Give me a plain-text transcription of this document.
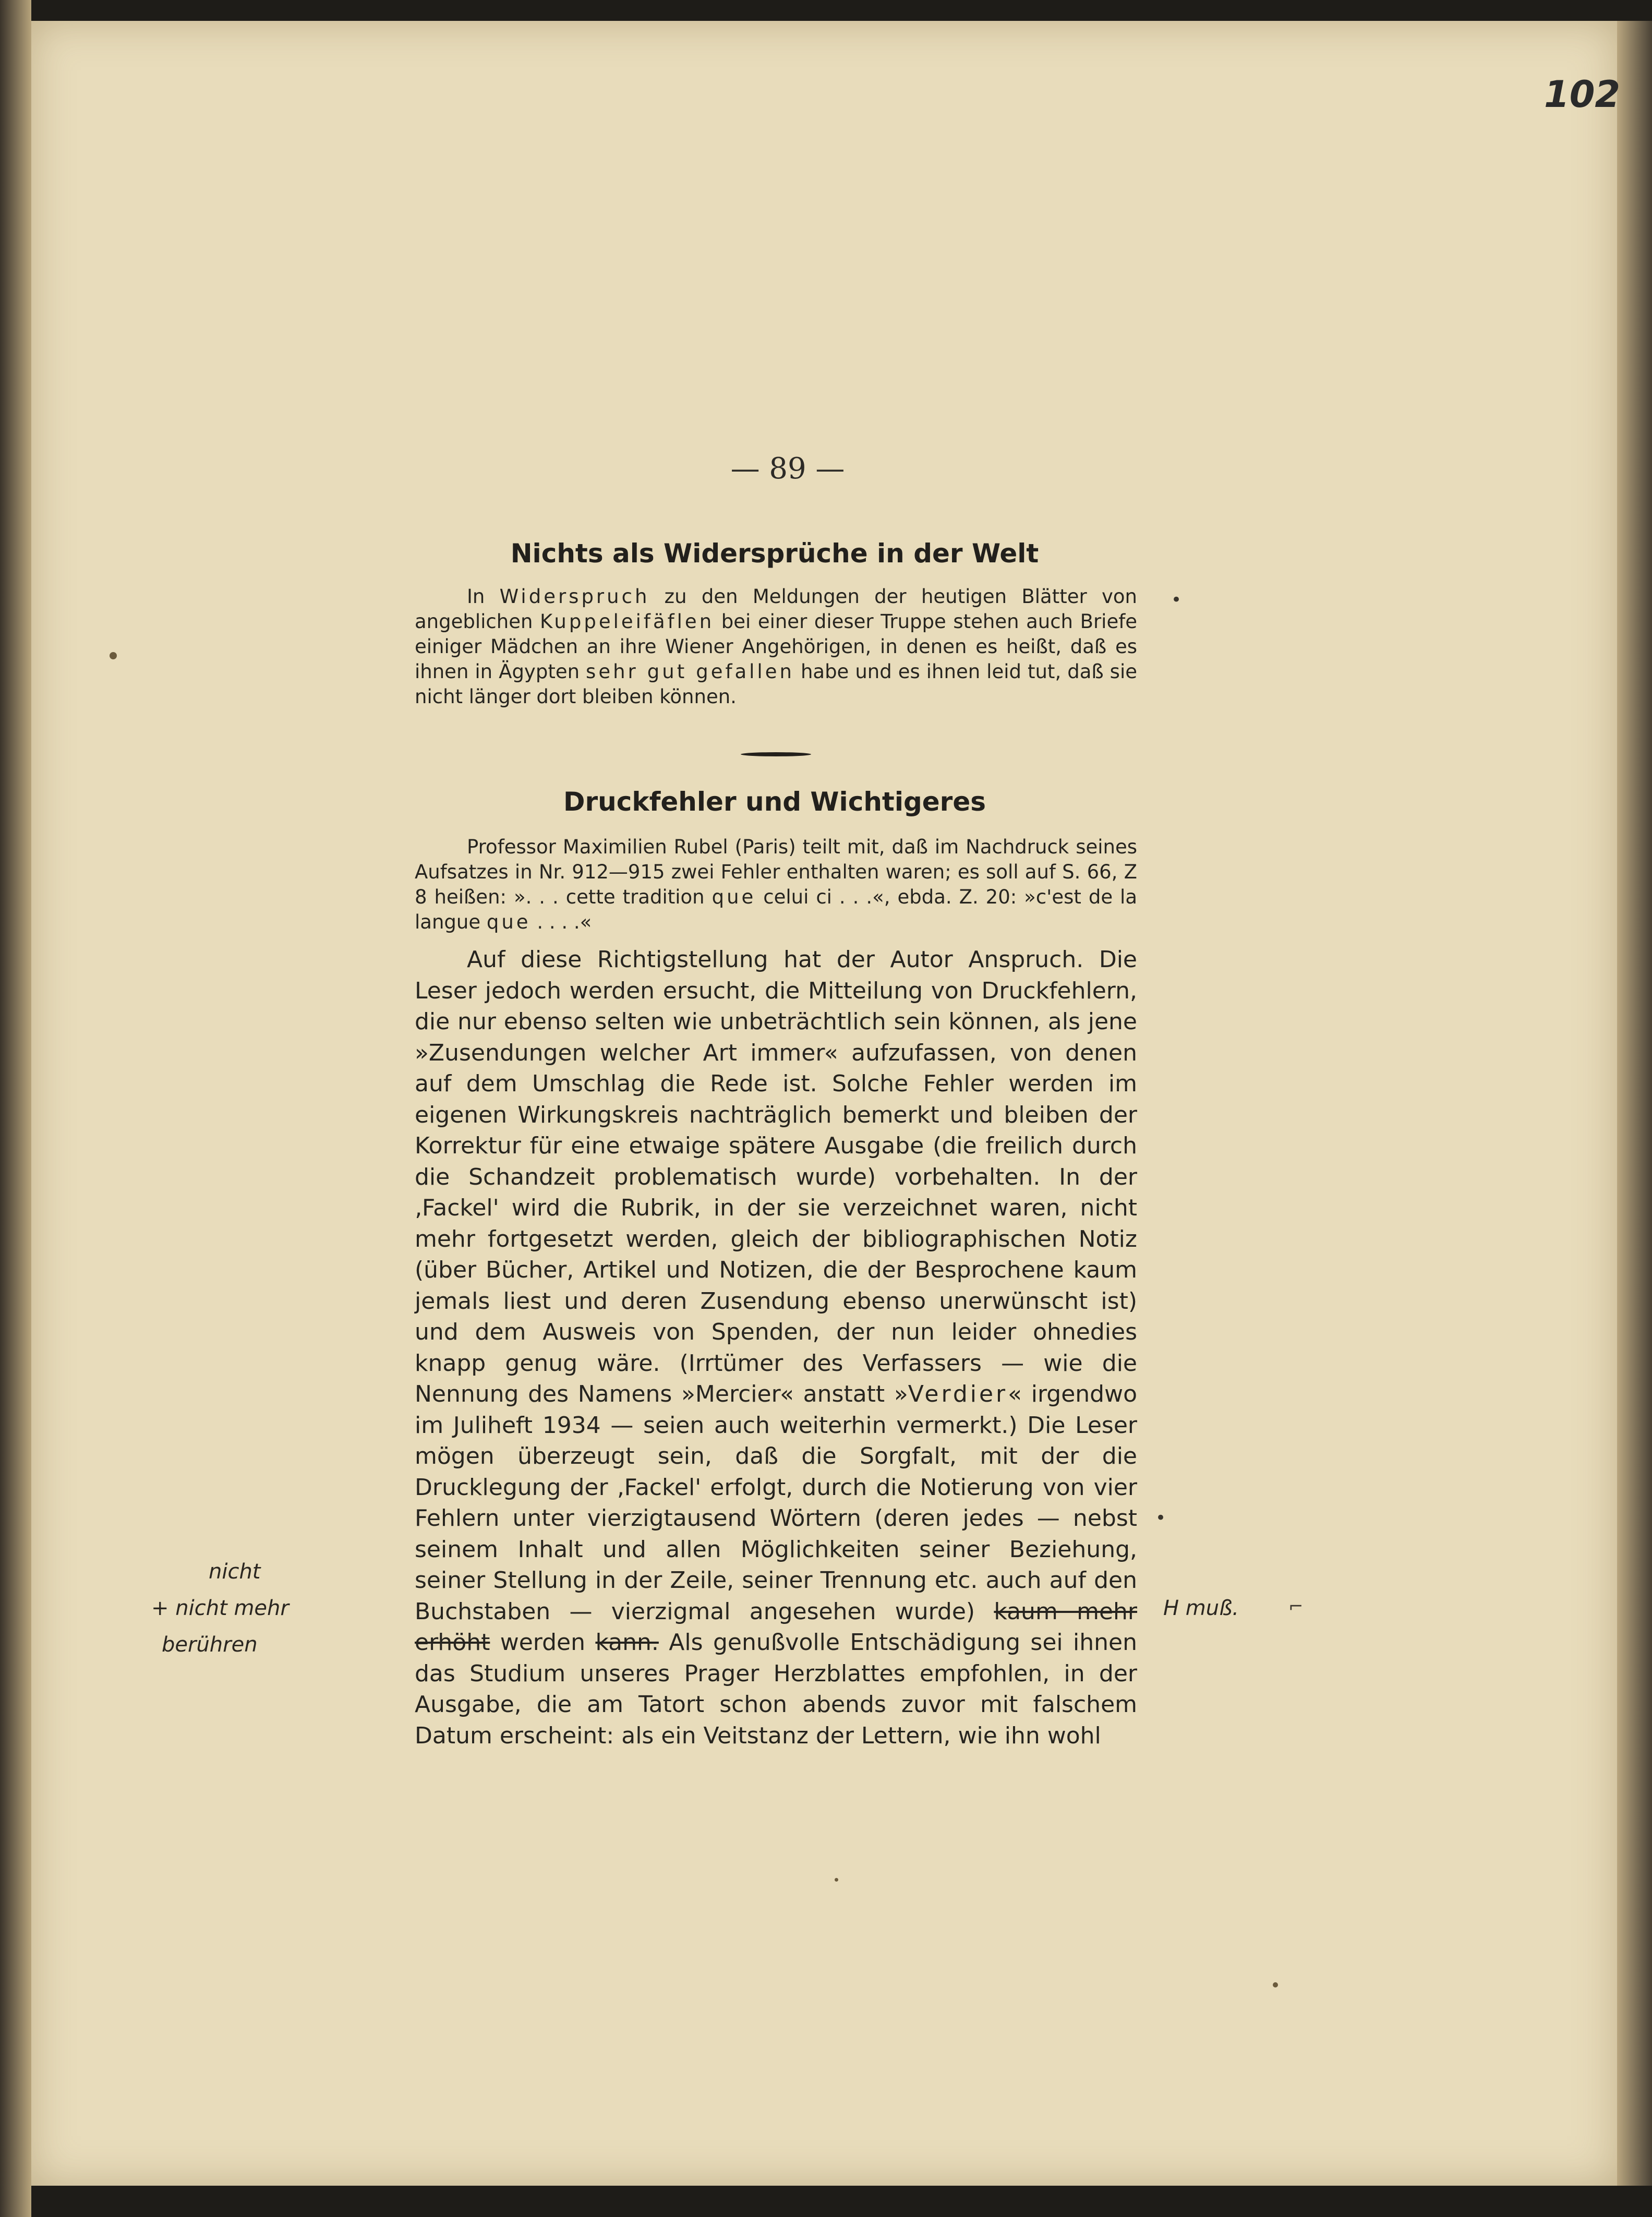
102
— 89 —
Nichts als Widersprüche in der Welt

In Widerspruch zu den Meldungen der heutigen Blätter von angeblichen Kuppeleifäflen bei einer dieser Truppe stehen auch Briefe einiger Mädchen an ihre Wiener Angehörigen, in denen es heißt, daß es ihnen in Ägypten sehr gut gefallen habe und es ihnen leid tut, daß sie nicht länger dort bleiben können.

Druckfehler und Wichtigeres

Professor Maximilien Rubel (Paris) teilt mit, daß im Nachdruck seines Aufsatzes in Nr. 912—915 zwei Fehler enthalten waren; es soll auf S. 66, Z 8 heißen: ». . . cette tradition que celui ci . . .«, ebda. Z. 20: »c'est de la langue que . . . .«

Auf diese Richtigstellung hat der Autor Anspruch. Die Leser jedoch werden ersucht, die Mitteilung von Druckfehlern, die nur ebenso selten wie unbeträchtlich sein können, als jene »Zusendungen welcher Art immer« aufzufassen, von denen auf dem Umschlag die Rede ist. Solche Fehler werden im eigenen Wirkungskreis nachträglich bemerkt und bleiben der Korrektur für eine etwaige spätere Ausgabe (die freilich durch die Schandzeit problematisch wurde) vorbehalten. In der ‚Fackel' wird die Rubrik, in der sie verzeichnet waren, nicht mehr fortgesetzt werden, gleich der bibliographischen Notiz (über Bücher, Artikel und Notizen, die der Besprochene kaum jemals liest und deren Zusendung ebenso unerwünscht ist) und dem Ausweis von Spenden, der nun leider ohnedies knapp genug wäre. (Irrtümer des Verfassers — wie die Nennung des Namens »Mercier« anstatt »Verdier« irgendwo im Juliheft 1934 — seien auch weiterhin vermerkt.) Die Leser mögen überzeugt sein, daß die Sorgfalt, mit der die Drucklegung der ‚Fackel' erfolgt, durch die Notierung von vier Fehlern unter vierzigtausend Wörtern (deren jedes — nebst seinem Inhalt und allen Möglichkeiten seiner Beziehung, seiner Stellung in der Zeile, seiner Trennung etc. auch auf den Buchstaben — vierzigmal angesehen wurde) kaum mehr erhöht werden kann. Als genußvolle Entschädigung sei ihnen das Studium unseres Prager Herzblattes empfohlen, in der Ausgabe, die am Tatort schon abends zuvor mit falschem Datum erscheint: als ein Veitstanz der Lettern, wie ihn wohl

nicht
+ nicht mehr
berühren
H muß.
•
•
⌐
